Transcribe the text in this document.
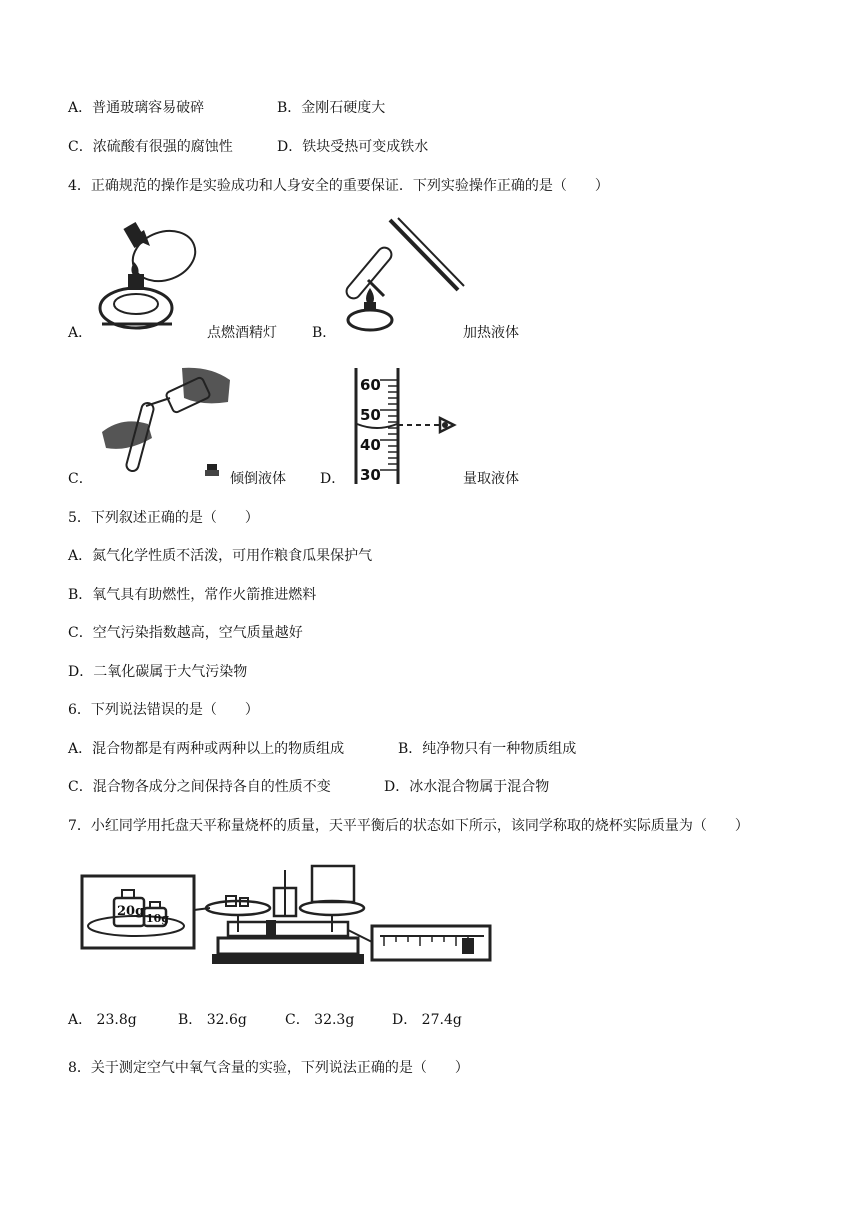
A．普通玻璃容易破碎	B．金刚石硬度大
C．浓硫酸有很强的腐蚀性	D．铁块受热可变成铁水
4．正确规范的操作是实验成功和人身安全的重要保证．下列实验操作正确的是（　　）
A．	点燃酒精灯	B．	加热液体
C．	倾倒液体
60
50
40
30
D．	量取液体
5．下列叙述正确的是（　　）
A．氮气化学性质不活泼，可用作粮食瓜果保护气
B．氧气具有助燃性，常作火箭推进燃料
C．空气污染指数越高，空气质量越好
D．二氧化碳属于大气污染物
6．下列说法错误的是（　　）
A．混合物都是有两种或两种以上的物质组成	B．纯净物只有一种物质组成
C．混合物各成分之间保持各自的性质不变	D．冰水混合物属于混合物
7．小红同学用托盘天平称量烧杯的质量，天平平衡后的状态如下所示，该同学称取的烧杯实际质量为（　　）
20g 10g
A． 23.8g	B． 32.6g	C． 32.3g	D． 27.4g
8．关于测定空气中氧气含量的实验，下列说法正确的是（　　）
